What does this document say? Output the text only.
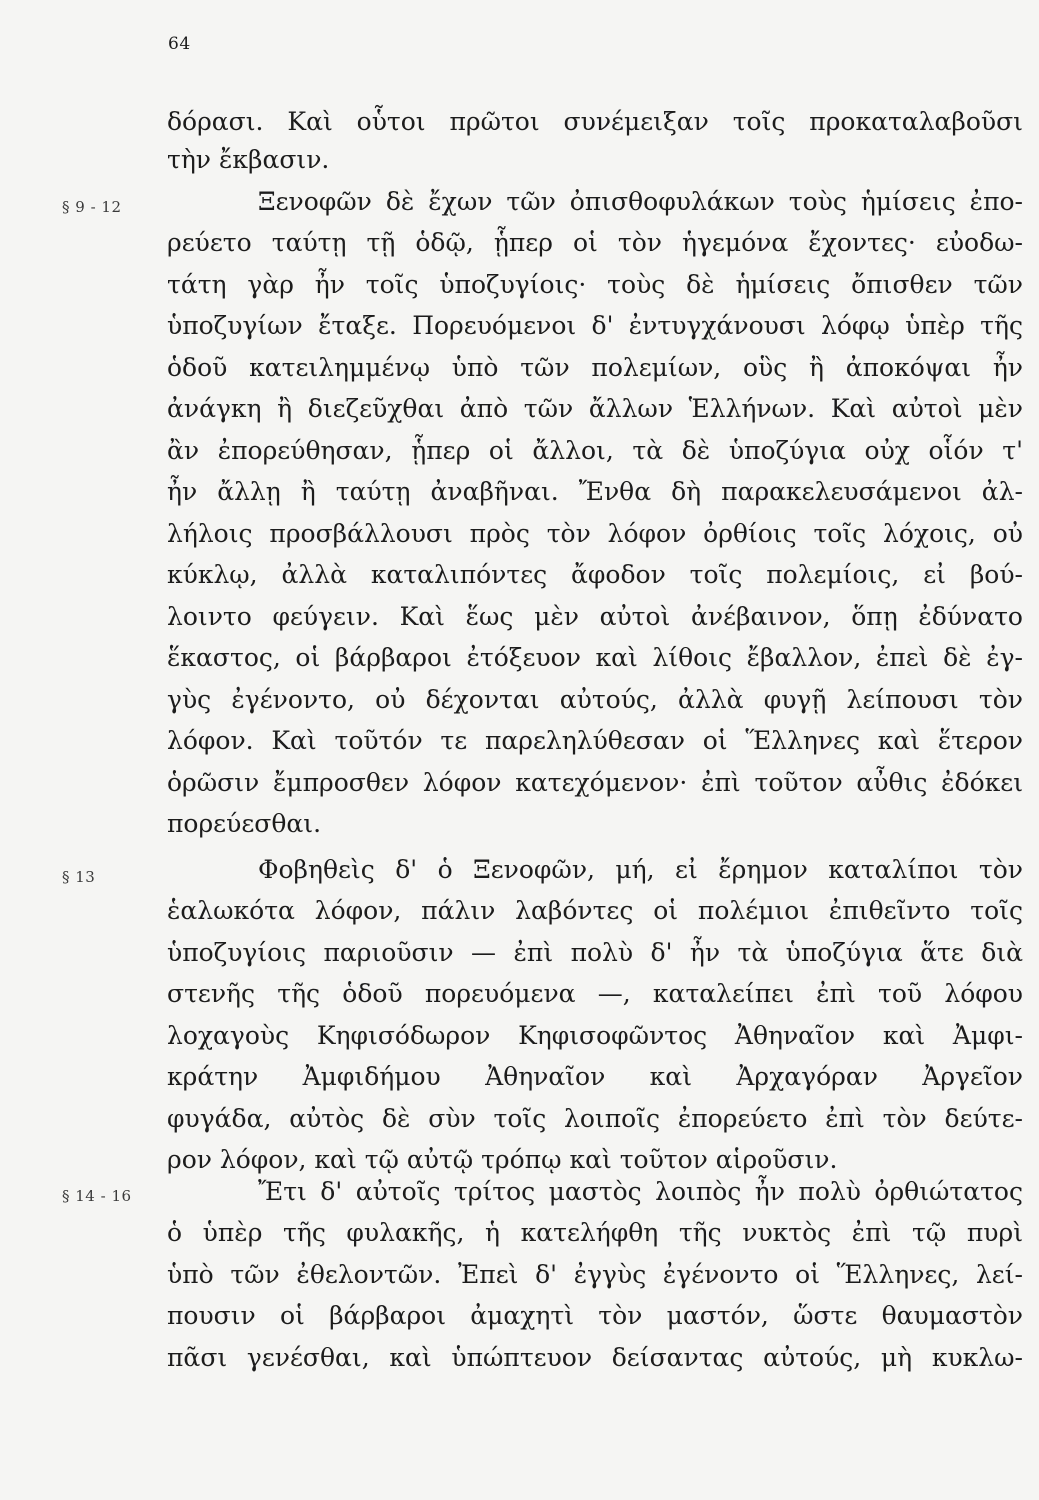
64
§ 9 - 12
§ 13
§ 14 - 16
δόρασι. Καὶ οὗτοι πρῶτοι συνέμειξαν τοῖς προκαταλαβοῦσι
τὴν ἔκβασιν.
Ξενοφῶν δὲ ἔχων τῶν ὀπισθοφυλάκων τοὺς ἡμίσεις ἐπο-
ρεύετο ταύτῃ τῇ ὁδῷ, ᾗπερ οἱ τὸν ἡγεμόνα ἔχοντες· εὐοδω-
τάτη γὰρ ἦν τοῖς ὑποζυγίοις· τοὺς δὲ ἡμίσεις ὄπισθεν τῶν
ὑποζυγίων ἔταξε. Πορευόμενοι δ' ἐντυγχάνουσι λόφῳ ὑπὲρ τῆς
ὁδοῦ κατειλημμένῳ ὑπὸ τῶν πολεμίων, οὓς ἢ ἀποκόψαι ἦν
ἀνάγκη ἢ διεζεῦχθαι ἀπὸ τῶν ἄλλων Ἑλλήνων. Καὶ αὐτοὶ μὲν
ἂν ἐπορεύθησαν, ᾗπερ οἱ ἄλλοι, τὰ δὲ ὑποζύγια οὐχ οἷόν τ'
ἦν ἄλλῃ ἢ ταύτῃ ἀναβῆναι. Ἔνθα δὴ παρακελευσάμενοι ἀλ-
λήλοις προσβάλλουσι πρὸς τὸν λόφον ὀρθίοις τοῖς λόχοις, οὐ
κύκλῳ, ἀλλὰ καταλιπόντες ἄφοδον τοῖς πολεμίοις, εἰ βού-
λοιντο φεύγειν. Καὶ ἕως μὲν αὐτοὶ ἀνέβαινον, ὅπῃ ἐδύνατο
ἕκαστος, οἱ βάρβαροι ἐτόξευον καὶ λίθοις ἔβαλλον, ἐπεὶ δὲ ἐγ-
γὺς ἐγένοντο, οὐ δέχονται αὐτούς, ἀλλὰ φυγῇ λείπουσι τὸν
λόφον. Καὶ τοῦτόν τε παρεληλύθεσαν οἱ Ἕλληνες καὶ ἕτερον
ὁρῶσιν ἔμπροσθεν λόφον κατεχόμενον· ἐπὶ τοῦτον αὖθις ἐδόκει
πορεύεσθαι.
Φοβηθεὶς δ' ὁ Ξενοφῶν, μή, εἰ ἔρημον καταλίποι τὸν
ἑαλωκότα λόφον, πάλιν λαβόντες οἱ πολέμιοι ἐπιθεῖντο τοῖς
ὑποζυγίοις παριοῦσιν — ἐπὶ πολὺ δ' ἦν τὰ ὑποζύγια ἅτε διὰ
στενῆς τῆς ὁδοῦ πορευόμενα —, καταλείπει ἐπὶ τοῦ λόφου
λοχαγοὺς Κηφισόδωρον Κηφισοφῶντος Ἀθηναῖον καὶ Ἀμφι-
κράτην Ἀμφιδήμου Ἀθηναῖον καὶ Ἀρχαγόραν Ἀργεῖον
φυγάδα, αὐτὸς δὲ σὺν τοῖς λοιποῖς ἐπορεύετο ἐπὶ τὸν δεύτε-
ρον λόφον, καὶ τῷ αὐτῷ τρόπῳ καὶ τοῦτον αἱροῦσιν.
Ἔτι δ' αὐτοῖς τρίτος μαστὸς λοιπὸς ἦν πολὺ ὀρθιώτατος
ὁ ὑπὲρ τῆς φυλακῆς, ἡ κατελήφθη τῆς νυκτὸς ἐπὶ τῷ πυρὶ
ὑπὸ τῶν ἐθελοντῶν. Ἐπεὶ δ' ἐγγὺς ἐγένοντο οἱ Ἕλληνες, λεί-
πουσιν οἱ βάρβαροι ἀμαχητὶ τὸν μαστόν, ὥστε θαυμαστὸν
πᾶσι γενέσθαι, καὶ ὑπώπτευον δείσαντας αὐτούς, μὴ κυκλω-
